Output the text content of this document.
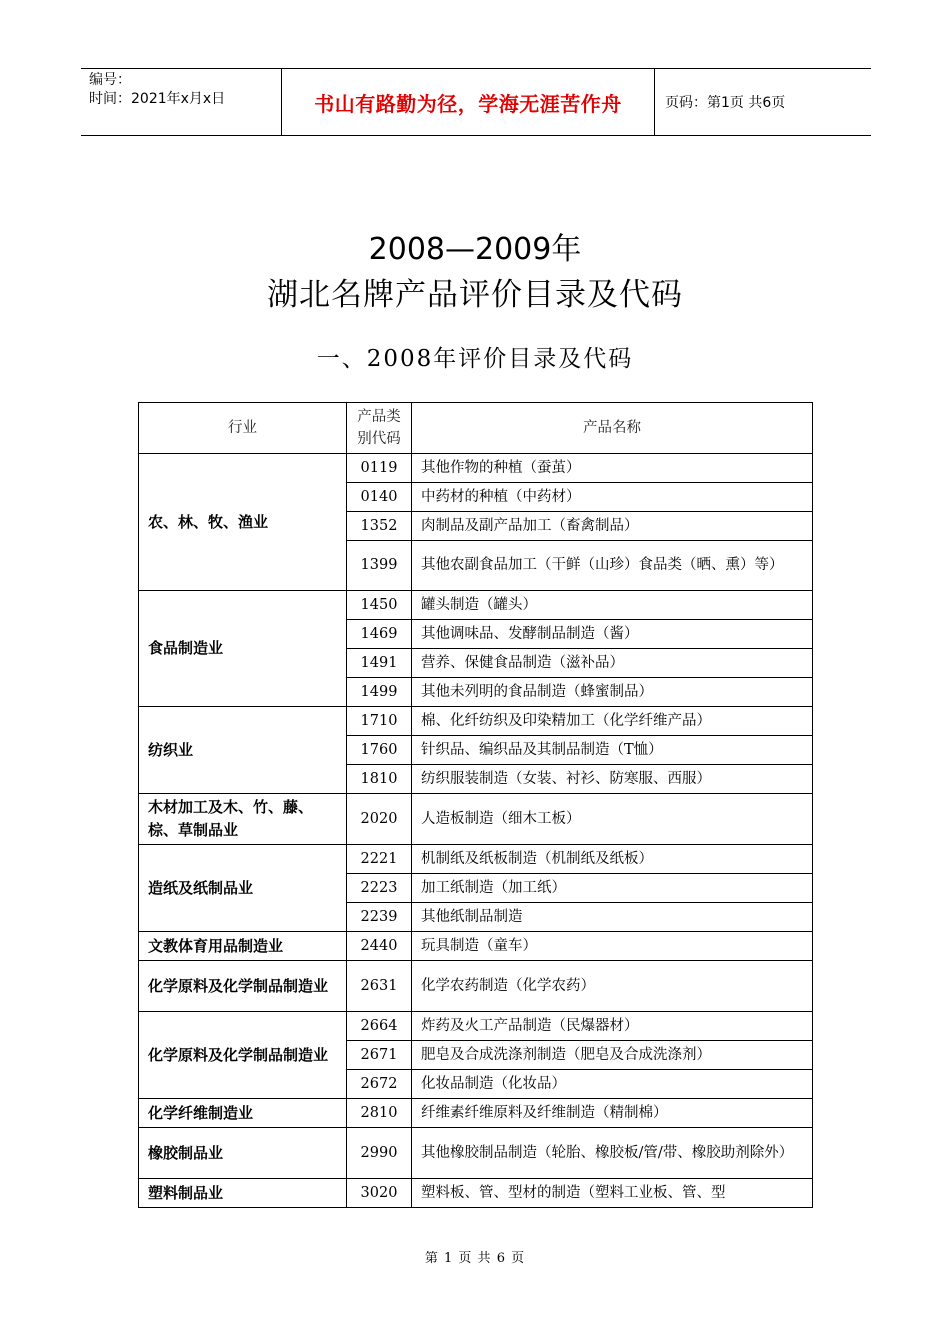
编号：
时间：2021年x月x日	书山有路勤为径，学海无涯苦作舟	页码：第1页 共6页
2008—2009年
湖北名牌产品评价目录及代码
一、2008年评价目录及代码
行业	产品类别代码	产品名称
农、林、牧、渔业	0119	其他作物的种植（蚕茧）
	0140	中药材的种植（中药材）
	1352	肉制品及副产品加工（畜禽制品）
	1399	其他农副食品加工（干鲜（山珍）食品类（晒、熏）等）
食品制造业	1450	罐头制造（罐头）
	1469	其他调味品、发酵制品制造（酱）
	1491	营养、保健食品制造（滋补品）
	1499	其他未列明的食品制造（蜂蜜制品）
纺织业	1710	棉、化纤纺织及印染精加工（化学纤维产品）
	1760	针织品、编织品及其制品制造（T恤）
	1810	纺织服装制造（女装、衬衫、防寒服、西服）
木材加工及木、竹、藤、棕、草制品业	2020	人造板制造（细木工板）
造纸及纸制品业	2221	机制纸及纸板制造（机制纸及纸板）
	2223	加工纸制造（加工纸）
	2239	其他纸制品制造
文教体育用品制造业	2440	玩具制造（童车）
化学原料及化学制品制造业	2631	化学农药制造（化学农药）
化学原料及化学制品制造业	2664	炸药及火工产品制造（民爆器材）
	2671	肥皂及合成洗涤剂制造（肥皂及合成洗涤剂）
	2672	化妆品制造（化妆品）
化学纤维制造业	2810	纤维素纤维原料及纤维制造（精制棉）
橡胶制品业	2990	其他橡胶制品制造（轮胎、橡胶板/管/带、橡胶助剂除外）
塑料制品业	3020	塑料板、管、型材的制造（塑料工业板、管、型
第 1 页 共 6 页
